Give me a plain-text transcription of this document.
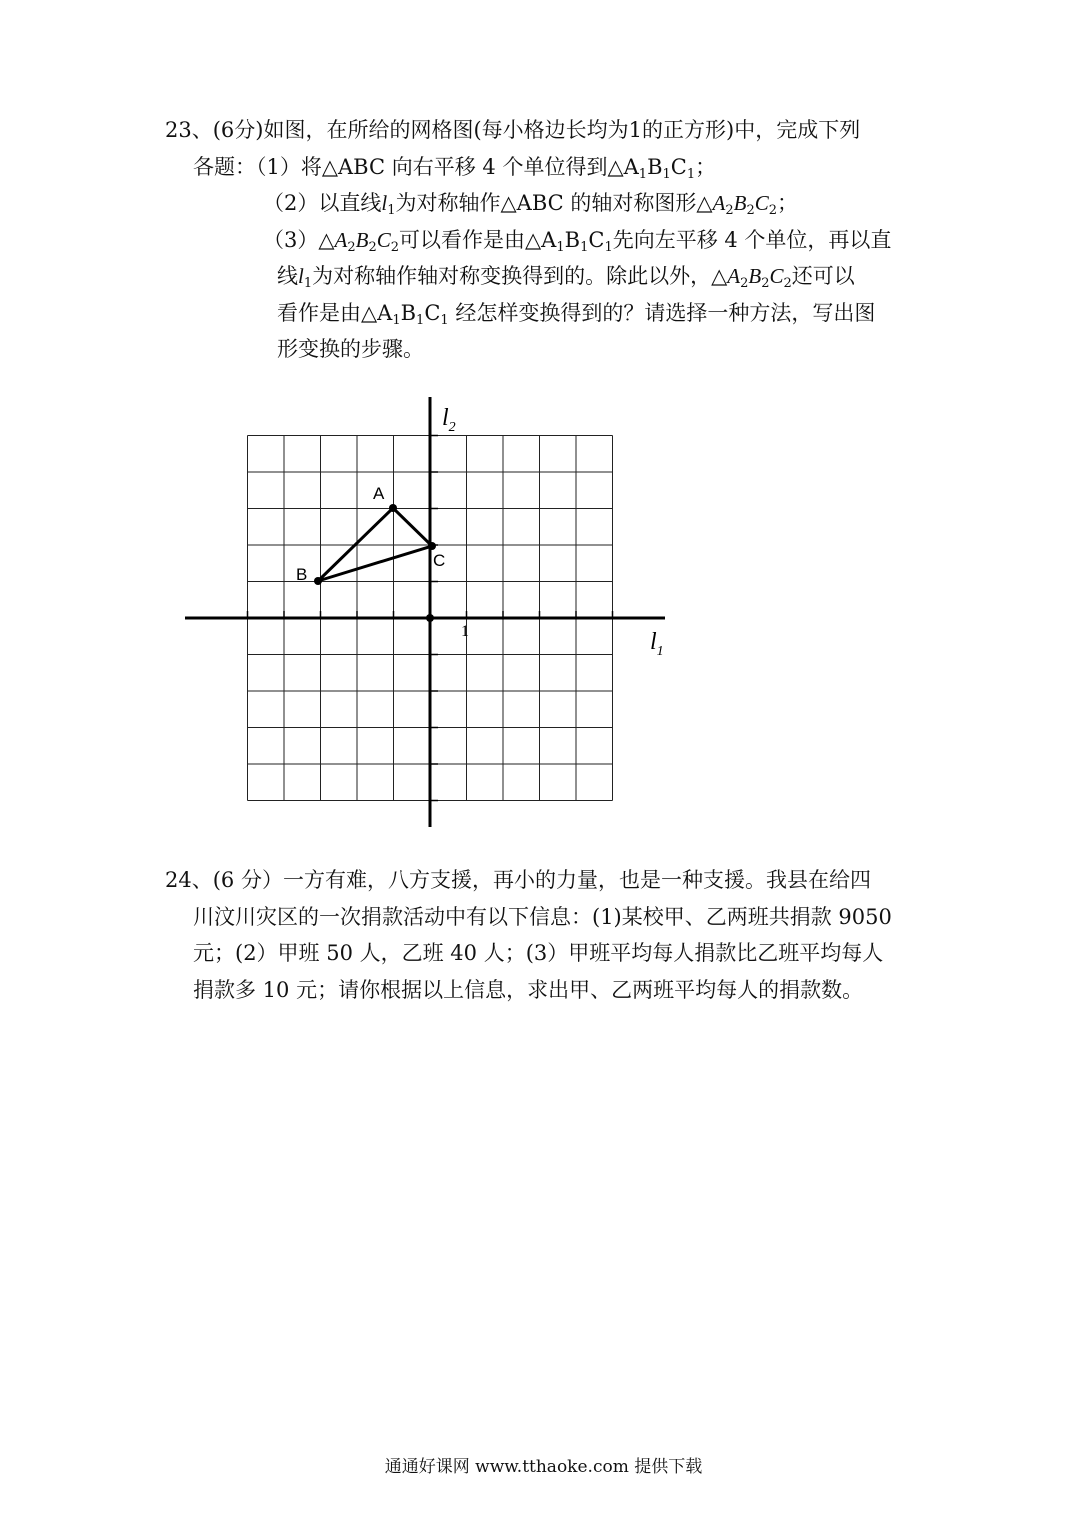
23、(6分)如图，在所给的网格图(每小格边长均为1的正方形)中，完成下列

各题：（1）将△ABC 向右平移 4 个单位得到$\triangle A_1B_1C_1$；

（2）以直线$l_1$为对称轴作△ABC 的轴对称图形$\triangle A_2B_2C_2$；

$(3)\triangle A_2B_2C_2$可以看作是由$\triangle A_1B_1C_1$先向左平移 4 个单位，再以直

线$l_1$为对称轴作轴对称变换得到的。除此以外，$\triangle A_2B_2C_2$还可以

看作是由$\triangle A_1B_1C_1$ 经怎样变换得到的？请选择一种方法，写出图

形变换的步骤。

A
B
C
1	$l_1$
$l_2$

24、(6 分）一方有难，八方支援，再小的力量，也是一种支援。我县在给四

川汶川灾区的一次捐款活动中有以下信息：(1)某校甲、乙两班共捐款 9050

元；(2）甲班 50 人，乙班 40 人；(3）甲班平均每人捐款比乙班平均每人

捐款多 10 元；请你根据以上信息，求出甲、乙两班平均每人的捐款数。

通通好课网 www.tthaoke.com 提供下载
